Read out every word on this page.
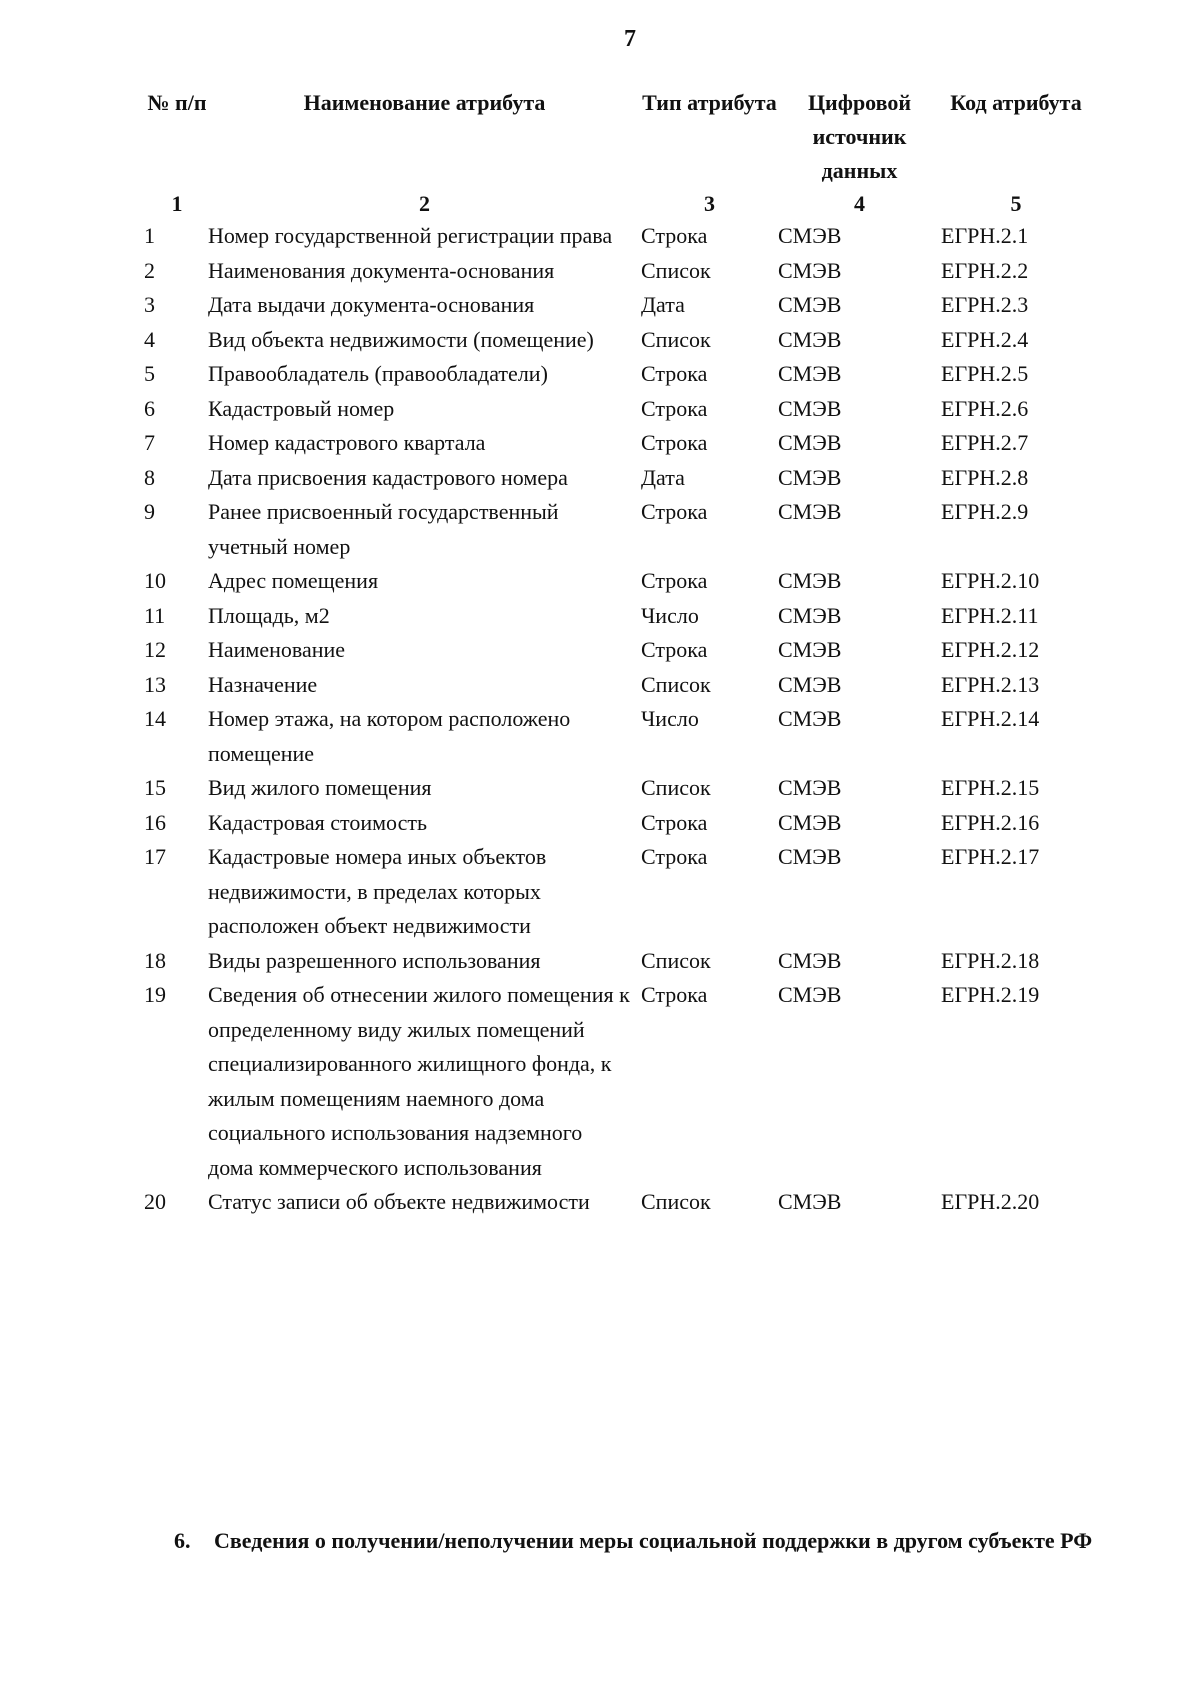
7
№ п/п	Наименование атрибута	Тип атрибута	Цифровой источник данных	Код атрибута
1	2	3	4	5
1	Номер государственной регистрации права	Строка	СМЭВ	ЕГРН.2.1
2	Наименования документа-основания	Список	СМЭВ	ЕГРН.2.2
3	Дата выдачи документа-основания	Дата	СМЭВ	ЕГРН.2.3
4	Вид объекта недвижимости (помещение)	Список	СМЭВ	ЕГРН.2.4
5	Правообладатель (правообладатели)	Строка	СМЭВ	ЕГРН.2.5
6	Кадастровый номер	Строка	СМЭВ	ЕГРН.2.6
7	Номер кадастрового квартала	Строка	СМЭВ	ЕГРН.2.7
8	Дата присвоения кадастрового номера	Дата	СМЭВ	ЕГРН.2.8
9	Ранее присвоенный государственный учетный номер	Строка	СМЭВ	ЕГРН.2.9
10	Адрес помещения	Строка	СМЭВ	ЕГРН.2.10
11	Площадь, м2	Число	СМЭВ	ЕГРН.2.11
12	Наименование	Строка	СМЭВ	ЕГРН.2.12
13	Назначение	Список	СМЭВ	ЕГРН.2.13
14	Номер этажа, на котором расположено помещение	Число	СМЭВ	ЕГРН.2.14
15	Вид жилого помещения	Список	СМЭВ	ЕГРН.2.15
16	Кадастровая стоимость	Строка	СМЭВ	ЕГРН.2.16
17	Кадастровые номера иных объектов недвижимости, в пределах которых расположен объект недвижимости	Строка	СМЭВ	ЕГРН.2.17
18	Виды разрешенного использования	Список	СМЭВ	ЕГРН.2.18
19	Сведения об отнесении жилого помещения к определенному виду жилых помещений специализированного жилищного фонда, к жилым помещениям наемного дома социального использования надземного дома коммерческого использования	Строка	СМЭВ	ЕГРН.2.19
20	Статус записи об объекте недвижимости	Список	СМЭВ	ЕГРН.2.20
6. Сведения о получении/неполучении меры социальной поддержки в другом субъекте РФ
